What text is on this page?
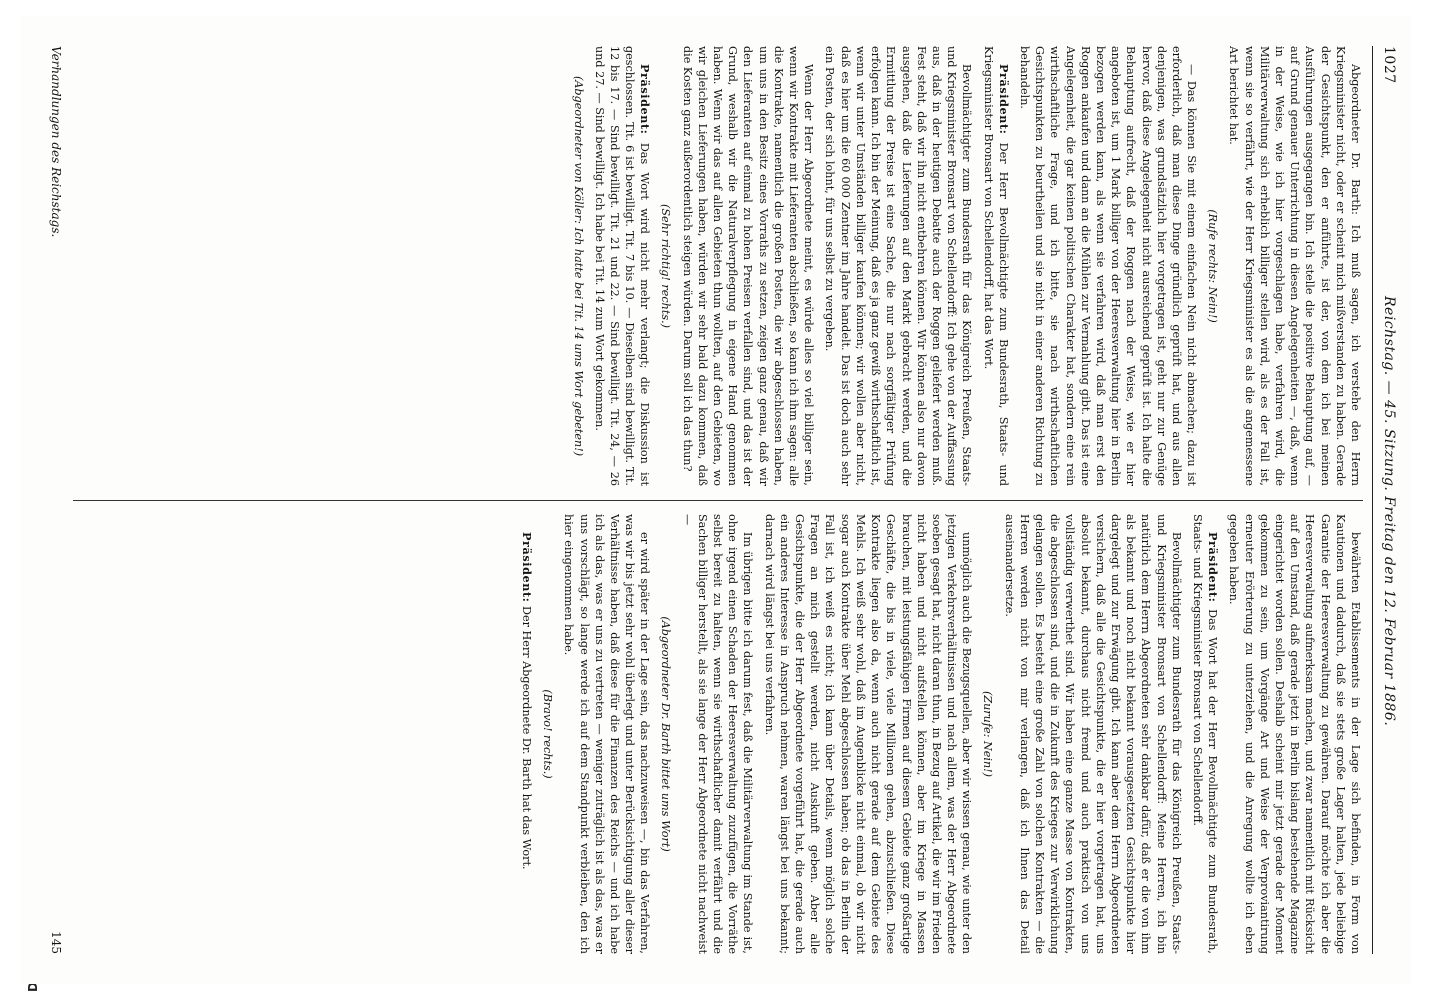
1027
Reichstag. — 45. Sitzung. Freitag den 12. Februar 1886.
Abgeordneter Dr. Barth: Ich muß sagen, ich verstehe den Herrn Kriegsminister nicht, oder er scheint mich mißverstanden zu haben. Gerade der Gesichtspunkt, den er anführte, ist der, von dem ich bei meinen Ausführungen ausgegangen bin. Ich stelle die positive Behauptung auf, — auf Grund genauer Unterrichtung in diesen Angelegenheiten —, daß, wenn in der Weise, wie ich hier vorgeschlagen habe, verfahren wird, die Militärverwaltung sich erheblich billiger stellen wird, als es der Fall ist, wenn sie so verfährt, wie der Herr Kriegsminister es als die angemessene Art berichtet hat.
(Rufe rechts: Nein!)
— Das können Sie mit einem einfachen Nein nicht abmachen; dazu ist erforderlich, daß man diese Dinge gründlich geprüft hat, und aus allen denjenigen, was grundsätzlich hier vorgetragen ist, geht nur zur Genüge hervor, daß diese Angelegenheit nicht ausreichend geprüft ist. Ich halte die Behauptung aufrecht, daß der Roggen nach der Weise, wie er hier angeboten ist, um 1 Mark billiger von der Heeresverwaltung hier in Berlin bezogen werden kann, als wenn sie verfahren wird, daß man erst den Roggen ankaufen und dann an die Mühlen zur Vermahlung gibt. Das ist eine Angelegenheit, die gar keinen politischen Charakter hat, sondern eine rein wirthschaftliche Frage, und ich bitte, sie nach wirthschaftlichen Gesichtspunkten zu beurtheilen und sie nicht in einer anderen Richtung zu behandeln.
Präsident: Der Herr Bevollmächtigte zum Bundesrath, Staats- und Kriegsminister Bronsart von Schellendorff, hat das Wort.
Bevollmächtigter zum Bundesrath für das Königreich Preußen, Staats- und Kriegsminister Bronsart von Schellendorff: Ich gehe von der Auffassung aus, daß in der heutigen Debatte auch der Roggen geliefert werden muß. Fest steht, daß wir ihn nicht entbehren können. Wir können also nur davon ausgehen, daß die Lieferungen auf den Markt gebracht werden, und die Ermittlung der Preise ist eine Sache, die nur nach sorgfältiger Prüfung erfolgen kann. Ich bin der Meinung, daß es ja ganz gewiß wirthschaftlich ist, wenn wir unter Umständen billiger kaufen können; wir wollen aber nicht, daß es hier um die 60 000 Zentner im Jahre handelt. Das ist doch auch sehr ein Posten, der sich lohnt, für uns selbst zu vergeben.
Wenn der Herr Abgeordnete meint, es würde alles so viel billiger sein, wenn wir Kontrakte mit Lieferanten abschließen, so kann ich ihm sagen: alle die Kontrakte, namentlich die großen Posten, die wir abgeschlossen haben, um uns in den Besitz eines Vorraths zu setzen, zeigen ganz genau, daß wir den Lieferanten auf einmal zu hohen Preisen verfallen sind, und das ist der Grund, weshalb wir die Naturalverpflegung in eigene Hand genommen haben. Wenn wir das auf allen Gebieten thun wollten, auf den Gebieten, wo wir gleichen Lieferungen haben, würden wir sehr bald dazu kommen, daß die Kosten ganz außerordentlich steigen würden. Darum soll ich das thun?
(Sehr richtig! rechts.)
Präsident: Das Wort wird nicht mehr verlangt; die Diskussion ist geschlossen. Tit. 6 ist bewilligt. Tit. 7 bis 10. — Dieselben sind bewilligt. Tit. 12 bis 17. — Sind bewilligt. Tit. 21 und 22. — Sind bewilligt. Tit. 24, — 26 und 27. — Sind bewilligt. Ich habe bei Tit. 14 zum Wort gekommen.
(Abgeordneter von Köller: Ich hatte bei Tit. 14 ums Wort gebeten!)
bewährten Etablissements in der Lage sich befinden, in Form von Kautionen und dadurch, daß sie stets große Lager halten, jede beliebige Garantie der Heeresverwaltung zu gewähren. Darauf möchte ich aber die Heeresverwaltung aufmerksam machen, und zwar namentlich mit Rücksicht auf den Umstand, daß gerade jetzt in Berlin bislang bestehende Magazine eingerichtet worden sollen. Deshalb scheint mir jetzt gerade der Moment gekommen zu sein, um Vorgänge Art und Weise der Verproviantirung erneuter Erörterung zu unterziehen, und die Anregung wollte ich eben gegeben haben.
Präsident: Das Wort hat der Herr Bevollmächtigte zum Bundesrath, Staats- und Kriegsminister Bronsart von Schellendorff.
Bevollmächtigter zum Bundesrath für das Königreich Preußen, Staats- und Kriegsminister Bronsart von Schellendorff: Meine Herren, ich bin natürlich dem Herrn Abgeordneten sehr dankbar dafür, daß er die von ihm als bekannt und noch nicht bekannt vorausgesetzten Gesichtspunkte hier dargelegt und zur Erwägung gibt. Ich kann aber dem Herrn Abgeordneten versichern, daß alle die Gesichtspunkte, die er hier vorgetragen hat, uns absolut bekannt, durchaus nicht fremd und auch praktisch von uns vollständig verwerthet sind. Wir haben eine ganze Masse von Kontrakten, die abgeschlossen sind, und die in Zukunft des Krieges zur Verwirklichung gelangen sollen. Es besteht eine große Zahl von solchen Kontrakten — die Herren werden nicht von mir verlangen, daß ich Ihnen das Detail auseinandersetze.
(Zurufe: Nein!)
unmöglich auch die Bezugsquellen, aber wir wissen genau, wie unter den jetzigen Verkehrsverhältnissen und nach allem, was der Herr Abgeordnete soeben gesagt hat, nicht daran thun, in Bezug auf Artikel, die wir im Frieden nicht haben und nicht aufstellen können, aber im Kriege in Massen brauchen, mit leistungsfähigen Firmen auf diesem Gebiete ganz großartige Geschäfte, die bis in viele, viele Millionen gehen, abzuschließen. Diese Kontrakte liegen also da, wenn auch nicht gerade auf dem Gebiete des Mehls. Ich weiß sehr wohl, daß im Augenblicke nicht einmal, ob wir nicht sogar auch Kontrakte über Mehl abgeschlossen haben; ob das in Berlin der Fall ist, ich weiß es nicht; ich kann über Details, wenn möglich solche Fragen an mich gestellt werden, nicht Auskunft geben. Aber alle Gesichtspunkte, die der Herr Abgeordnete vorgeführt hat, die gerade auch ein anderes Interesse in Anspruch nehmen, waren längst bei uns bekannt; darnach wird längst bei uns verfahren.
Im übrigen bitte ich darum fest, daß die Militärverwaltung im Stande ist, ohne irgend einen Schaden der Heeresverwaltung zuzufügen, die Vorräthe selbst bereit zu halten, wenn sie wirthschaftlicher damit verfährt und die Sachen billiger herstellt, als sie lange der Herr Abgeordnete nicht nachweist —
(Abgeordneter Dr. Barth bittet ums Wort)
er wird später in der Lage sein, das nachzuweisen —, bin das Verfahren, was wir bis jetzt sehr wohl überlegt und unter Berücksichtigung aller dieser Verhältnisse haben, daß diese für die Finanzen des Reichs — und ich habe ich als das, was er uns zu vertreten — weniger zuträglich ist als das, was er uns vorschlägt, so lange werde ich auf dem Standpunkt verbleiben, den ich hier eingenommen habe.
(Bravo! rechts.)
Präsident: Der Herr Abgeordnete Dr. Barth hat das Wort.
Verhandlungen des Reichstags.
145
